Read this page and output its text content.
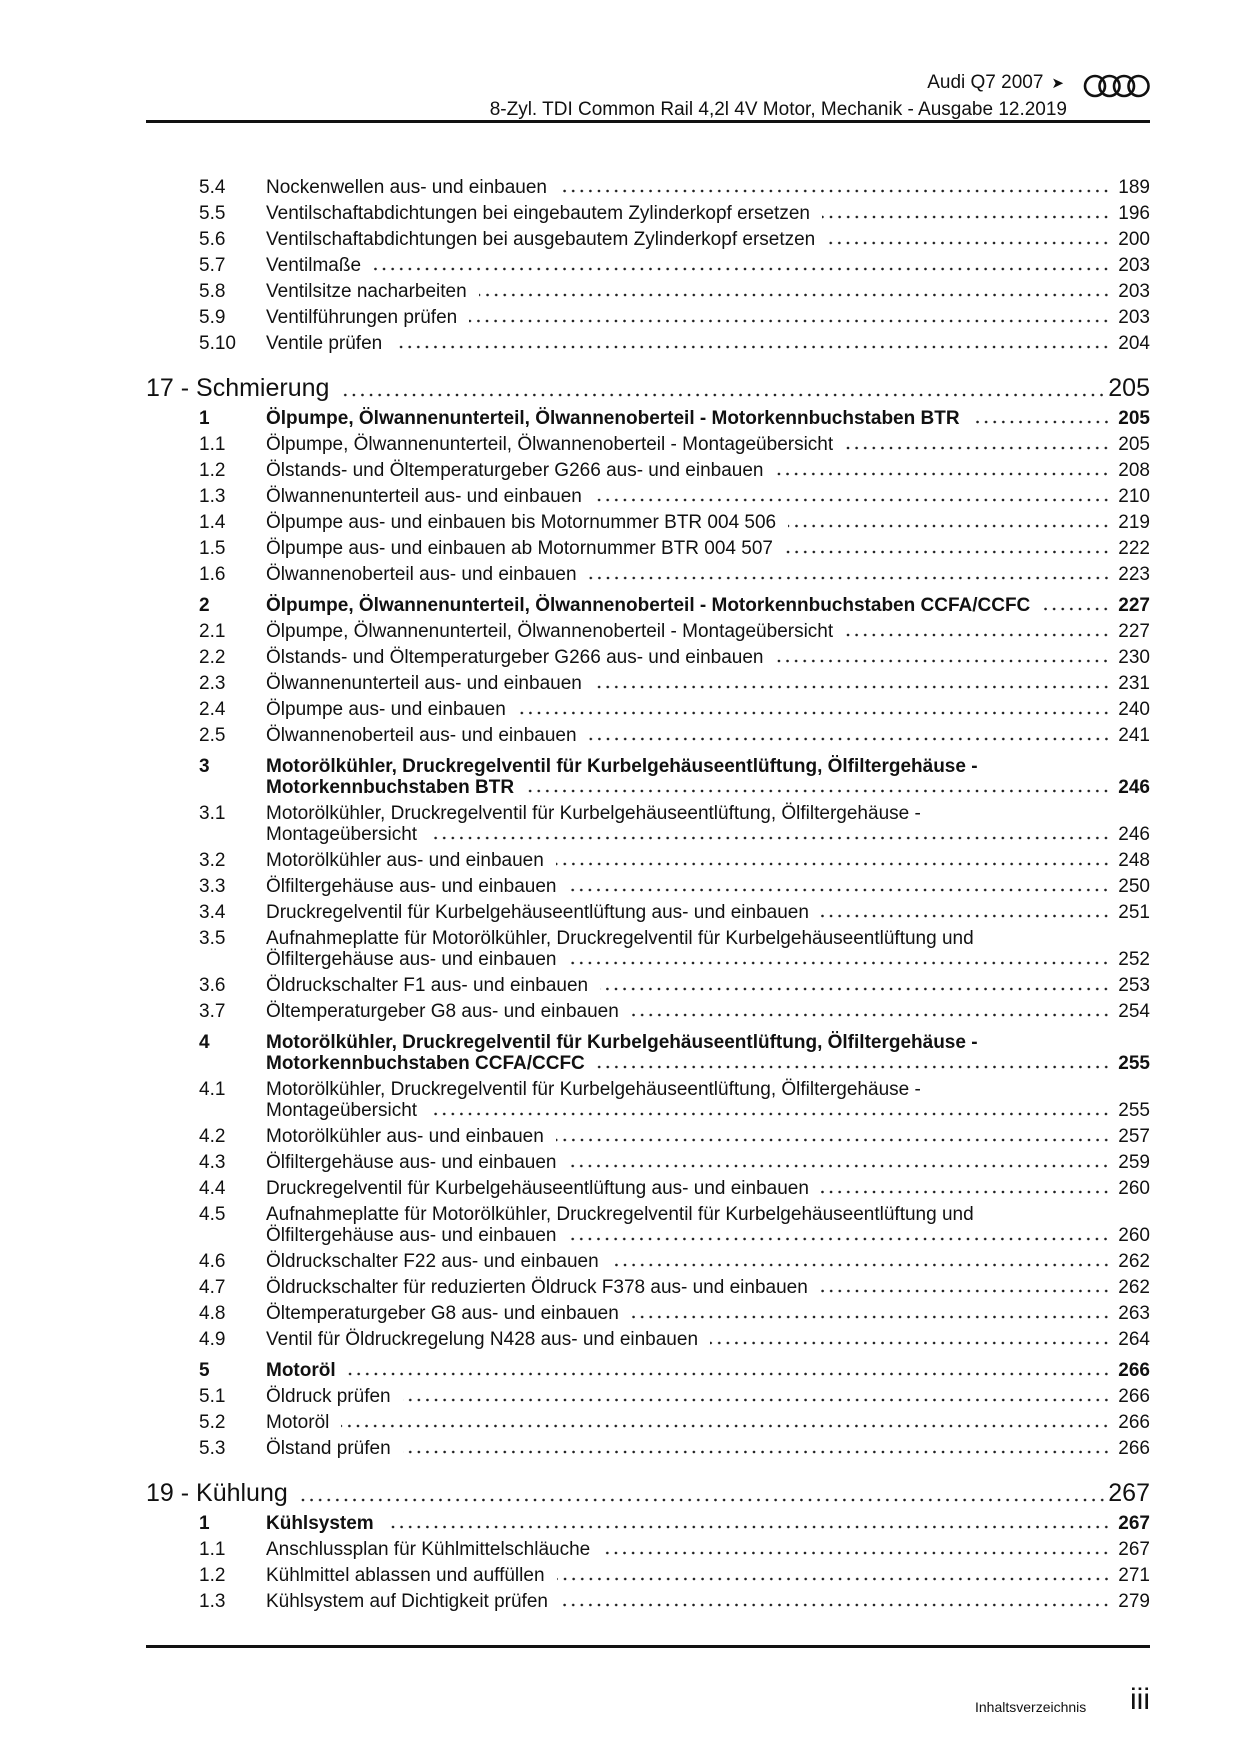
Audi Q7 2007 ➤
8-Zyl. TDI Common Rail 4,2l 4V Motor, Mechanik - Ausgabe 12.2019
5.4	Nockenwellen aus- und einbauen	189
5.5	Ventilschaftabdichtungen bei eingebautem Zylinderkopf ersetzen	196
5.6	Ventilschaftabdichtungen bei ausgebautem Zylinderkopf ersetzen	200
5.7	Ventilmaße	203
5.8	Ventilsitze nacharbeiten	203
5.9	Ventilführungen prüfen	203
5.10	Ventile prüfen	204
17 - Schmierung	205
1	Ölpumpe, Ölwannenunterteil, Ölwannenoberteil - Motorkennbuchstaben BTR	205
1.1	Ölpumpe, Ölwannenunterteil, Ölwannenoberteil - Montageübersicht	205
1.2	Ölstands- und Öltemperaturgeber G266 aus- und einbauen	208
1.3	Ölwannenunterteil aus- und einbauen	210
1.4	Ölpumpe aus- und einbauen bis Motornummer BTR 004 506	219
1.5	Ölpumpe aus- und einbauen ab Motornummer BTR 004 507	222
1.6	Ölwannenoberteil aus- und einbauen	223
2	Ölpumpe, Ölwannenunterteil, Ölwannenoberteil - Motorkennbuchstaben CCFA/CCFC	227
2.1	Ölpumpe, Ölwannenunterteil, Ölwannenoberteil - Montageübersicht	227
2.2	Ölstands- und Öltemperaturgeber G266 aus- und einbauen	230
2.3	Ölwannenunterteil aus- und einbauen	231
2.4	Ölpumpe aus- und einbauen	240
2.5	Ölwannenoberteil aus- und einbauen	241
3	Motorölkühler, Druckregelventil für Kurbelgehäuseentlüftung, Ölfiltergehäuse -
Motorkennbuchstaben BTR	246
3.1	Motorölkühler, Druckregelventil für Kurbelgehäuseentlüftung, Ölfiltergehäuse -
Montageübersicht	246
3.2	Motorölkühler aus- und einbauen	248
3.3	Ölfiltergehäuse aus- und einbauen	250
3.4	Druckregelventil für Kurbelgehäuseentlüftung aus- und einbauen	251
3.5	Aufnahmeplatte für Motorölkühler, Druckregelventil für Kurbelgehäuseentlüftung und
Ölfiltergehäuse aus- und einbauen	252
3.6	Öldruckschalter F1 aus- und einbauen	253
3.7	Öltemperaturgeber G8 aus- und einbauen	254
4	Motorölkühler, Druckregelventil für Kurbelgehäuseentlüftung, Ölfiltergehäuse -
Motorkennbuchstaben CCFA/CCFC	255
4.1	Motorölkühler, Druckregelventil für Kurbelgehäuseentlüftung, Ölfiltergehäuse -
Montageübersicht	255
4.2	Motorölkühler aus- und einbauen	257
4.3	Ölfiltergehäuse aus- und einbauen	259
4.4	Druckregelventil für Kurbelgehäuseentlüftung aus- und einbauen	260
4.5	Aufnahmeplatte für Motorölkühler, Druckregelventil für Kurbelgehäuseentlüftung und
Ölfiltergehäuse aus- und einbauen	260
4.6	Öldruckschalter F22 aus- und einbauen	262
4.7	Öldruckschalter für reduzierten Öldruck F378 aus- und einbauen	262
4.8	Öltemperaturgeber G8 aus- und einbauen	263
4.9	Ventil für Öldruckregelung N428 aus- und einbauen	264
5	Motoröl	266
5.1	Öldruck prüfen	266
5.2	Motoröl	266
5.3	Ölstand prüfen	266
19 - Kühlung	267
1	Kühlsystem	267
1.1	Anschlussplan für Kühlmittelschläuche	267
1.2	Kühlmittel ablassen und auffüllen	271
1.3	Kühlsystem auf Dichtigkeit prüfen	279
Inhaltsverzeichnis iii
